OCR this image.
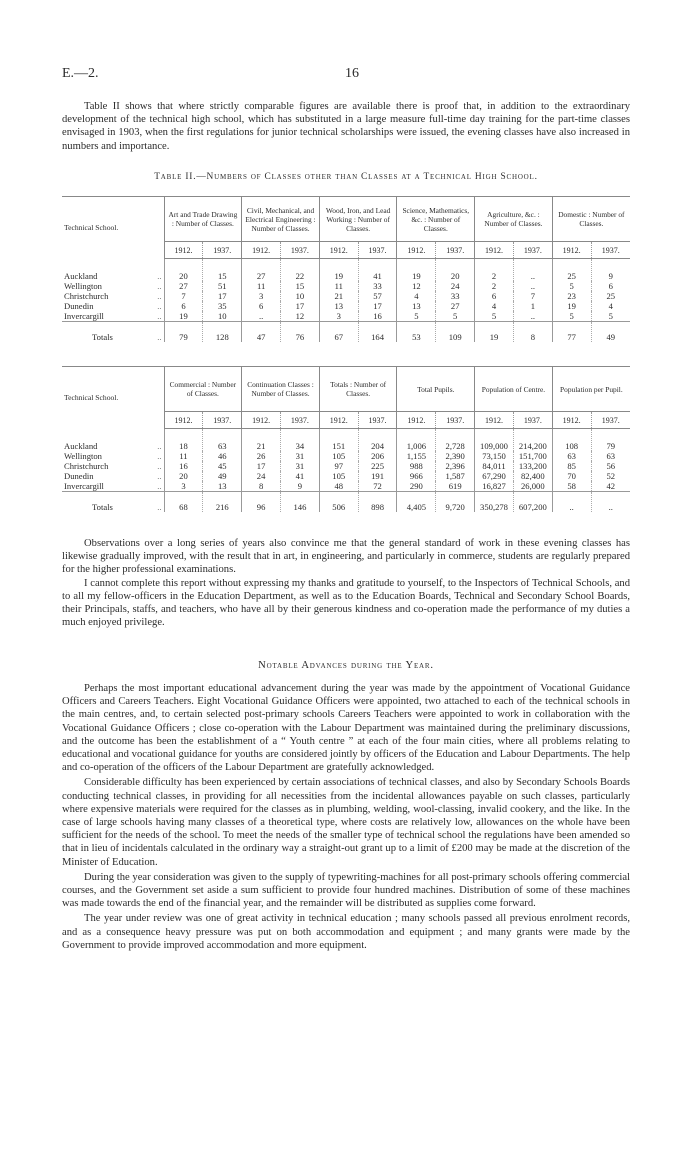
E.—2.	16

Table II shows that where strictly comparable figures are available there is proof that, in addition to the extraordinary development of the technical high school, which has substituted in a large measure full-time day training for the part-time classes envisaged in 1903, when the first regulations for junior technical scholarships were issued, the evening classes have also increased in numbers and importance.

Table II.—Numbers of Classes other than Classes at a Technical High School.
Technical School.		Art and Trade Drawing : Number of Classes.		Civil, Mechanical, and Electrical Engineering : Number of Classes.		Wood, Iron, and Lead Working : Number of Classes.		Science, Mathematics, &c. : Number of Classes.		Agriculture, &c. : Number of Classes.		Domestic : Number of Classes.	
		1912.	1937.	1912.	1937.	1912.	1937.	1912.	1937.	1912.	1937.	1912.	1937.
Auckland	..	20	15	27	22	19	41	19	20	2	..	25	9
Wellington	..	27	51	11	15	11	33	12	24	2	..	5	6
Christchurch	..	7	17	3	10	21	57	4	33	6	7	23	25
Dunedin	..	6	35	6	17	13	17	13	27	4	1	19	4
Invercargill	..	19	10	..	12	3	16	5	5	5	..	5	5
Totals	..	79	128	47	76	67	164	53	109	19	8	77	49
Technical School.		Commercial : Number of Classes.		Continuation Classes : Number of Classes.		Totals : Number of Classes.		Total Pupils.		Population of Centre.		Population per Pupil.	
		1912.	1937.	1912.	1937.	1912.	1937.	1912.	1937.	1912.	1937.	1912.	1937.
Auckland	..	18	63	21	34	151	204	1,006	2,728	109,000	214,200	108	79
Wellington	..	11	46	26	31	105	206	1,155	2,390	73,150	151,700	63	63
Christchurch	..	16	45	17	31	97	225	988	2,396	84,011	133,200	85	56
Dunedin	..	20	49	24	41	105	191	966	1,587	67,290	82,400	70	52
Invercargill	..	3	13	8	9	48	72	290	619	16,827	26,000	58	42
Totals	..	68	216	96	146	506	898	4,405	9,720	350,278	607,200	..	..

Observations over a long series of years also convince me that the general standard of work in these evening classes has likewise gradually improved, with the result that in art, in engineering, and particularly in commerce, students are regularly prepared for the higher professional examinations.

I cannot complete this report without expressing my thanks and gratitude to yourself, to the Inspectors of Technical Schools, and to all my fellow-officers in the Education Department, as well as to the Education Boards, Technical and Secondary School Boards, their Principals, staffs, and teachers, who have all by their generous kindness and co-operation made the performance of my duties a much enjoyed privilege.

Notable Advances during the Year.

Perhaps the most important educational advancement during the year was made by the appointment of Vocational Guidance Officers and Careers Teachers. Eight Vocational Guidance Officers were appointed, two attached to each of the technical schools in the main centres, and, to certain selected post-primary schools Careers Teachers were appointed to work in collaboration with the Vocational Guidance Officers ; close co-operation with the Labour Department was maintained during the preliminary discussions, and the outcome has been the establishment of a “ Youth centre ” at each of the four main cities, where all problems relating to educational and vocational guidance for youths are considered jointly by officers of the Education and Labour Departments. The help and co-operation of the officers of the Labour Department are gratefully acknowledged.

Considerable difficulty has been experienced by certain associations of technical classes, and also by Secondary Schools Boards conducting technical classes, in providing for all necessities from the incidental allowances payable on such classes, particularly where expensive materials were required for the classes as in plumbing, welding, wool-classing, invalid cookery, and the like. In the case of large schools having many classes of a theoretical type, where costs are relatively low, allowances on the whole have been sufficient for the needs of the school. To meet the needs of the smaller type of technical school the regulations have been amended so that in lieu of incidentals calculated in the ordinary way a straight-out grant up to a limit of £200 may be made at the discretion of the Minister of Education.

During the year consideration was given to the supply of typewriting-machines for all post-primary schools offering commercial courses, and the Government set aside a sum sufficient to provide four hundred machines. Distribution of some of these machines was made towards the end of the financial year, and the remainder will be distributed as supplies come forward.

The year under review was one of great activity in technical education ; many schools passed all previous enrolment records, and as a consequence heavy pressure was put on both accommodation and equipment ; and many grants were made by the Government to provide improved accommodation and more equipment.
